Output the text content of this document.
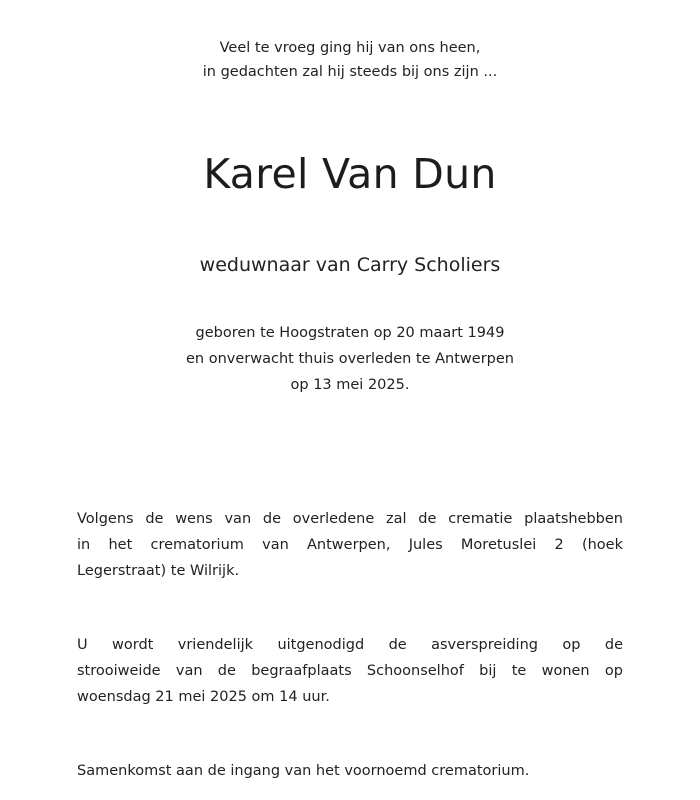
Veel te vroeg ging hij van ons heen,
in gedachten zal hij steeds bij ons zijn ...
Karel Van Dun
weduwnaar van Carry Scholiers
geboren te Hoogstraten op 20 maart 1949
en onverwacht thuis overleden te Antwerpen
op 13 mei 2025.
Volgens de wens van de overledene zal de crematie plaatshebben
in het crematorium van Antwerpen, Jules Moretuslei 2 (hoek
Legerstraat) te Wilrijk.
U wordt vriendelijk uitgenodigd de asverspreiding op de
strooiweide van de begraafplaats Schoonselhof bij te wonen op
woensdag 21 mei 2025 om 14 uur.
Samenkomst aan de ingang van het voornoemd crematorium.
